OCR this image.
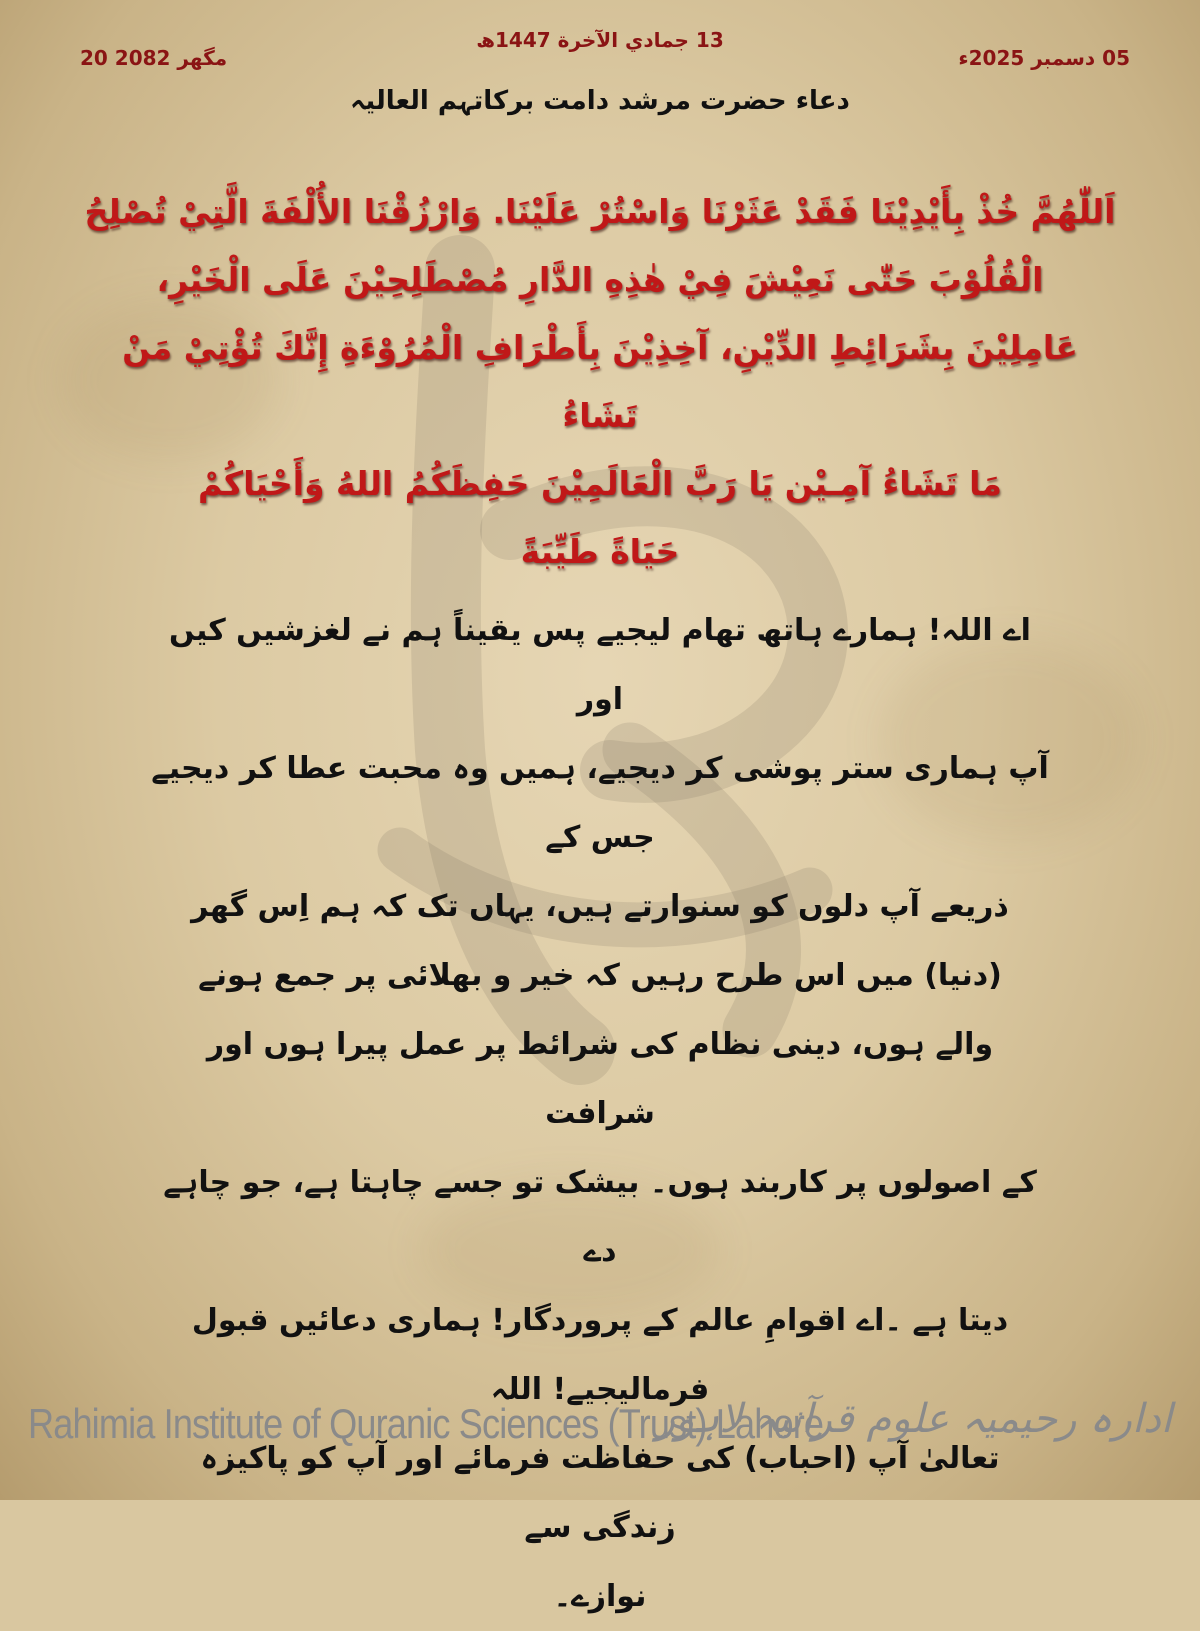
20 مگھر 2082	05 دسمبر 2025ء
13 جمادي الآخرة 1447ھ
دعاء حضرت مرشد دامت برکاتہم العالیہ

اَللّٰهُمَّ خُذْ بِأَيْدِيْنَا فَقَدْ عَثَرْنَا وَاسْتُرْ عَلَيْنَا. وَارْزُقْنَا الأُلْفَةَ الَّتِيْ تُصْلِحُ

الْقُلُوْبَ حَتّٰى نَعِيْشَ فِيْ هٰذِهِ الدَّارِ مُصْطَلِحِيْنَ عَلَى الْخَيْرِ،

عَامِلِيْنَ بِشَرَائِطِ الدِّيْنِ، آخِذِيْنَ بِأَطْرَافِ الْمُرُوْءَةِ إِنَّكَ تُؤْتِيْ مَنْ تَشَاءُ

مَا تَشَاءُ آمِـيْن يَا رَبَّ الْعَالَمِيْنَ حَفِظَكُمُ اللهُ وَأَحْيَاكُمْ

حَيَاةً طَيِّبَةً

اے اللہ! ہمارے ہاتھ تھام لیجیے پس یقیناً ہم نے لغزشیں کیں اور

آپ ہماری ستر پوشی کر دیجیے، ہمیں وہ محبت عطا کر دیجیے جس کے

ذریعے آپ دلوں کو سنوارتے ہیں، یہاں تک کہ ہم اِس گھر

(دنیا) میں اس طرح رہیں کہ خیر و بھلائی پر جمع ہونے

والے ہوں، دینی نظام کی شرائط پر عمل پیرا ہوں اور شرافت

کے اصولوں پر کاربند ہوں۔ بیشک تو جسے چاہتا ہے، جو چاہے دے

دیتا ہے ۔اے اقوامِ عالم کے پروردگار! ہماری دعائیں قبول فرمالیجیے! اللہ

تعالیٰ آپ (احباب) کی حفاظت فرمائے اور آپ کو پاکیزہ زندگی سے

نوازے۔

Rahimia Institute of Quranic Sciences (Trust) Lahore
ادارہ رحیمیہ علوم قرآنیہ لاہور
